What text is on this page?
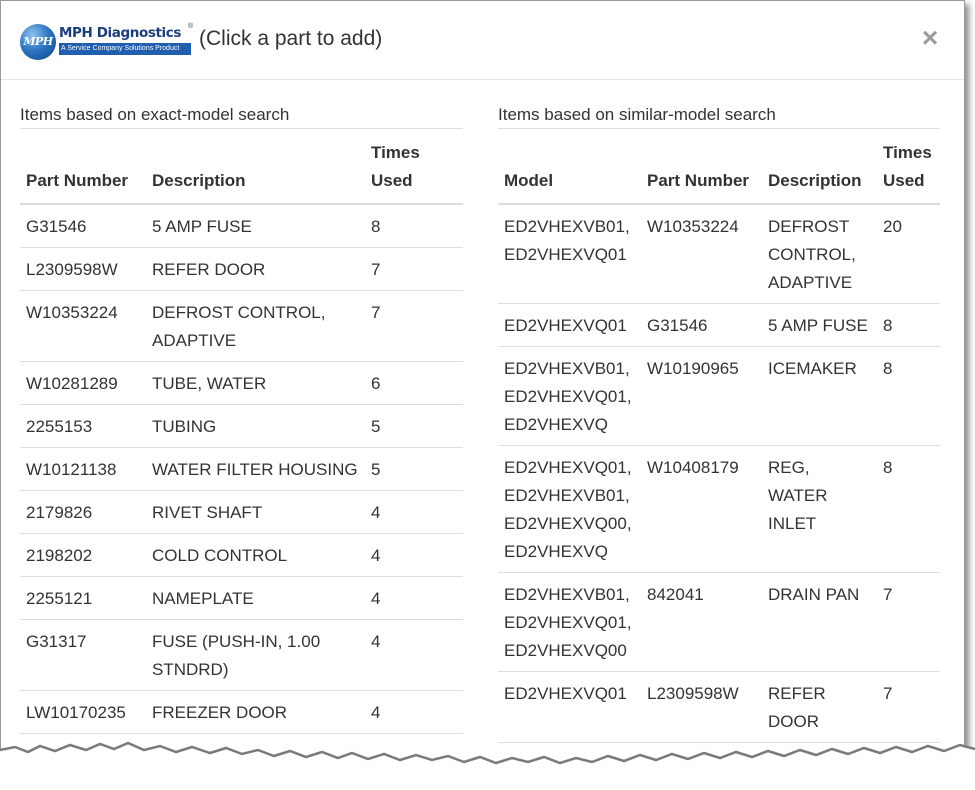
MPH
MPH Diagnostics ®
A Service Company Solutions Product (Click a part to add)	×
Items based on exact-model search
Part Number	Description	Times Used
G31546	5 AMP FUSE	8
L2309598W	REFER DOOR	7
W10353224	DEFROST CONTROL, ADAPTIVE	7
W10281289	TUBE, WATER	6
2255153	TUBING	5
W10121138	WATER FILTER HOUSING	5
2179826	RIVET SHAFT	4
2198202	COLD CONTROL	4
2255121	NAMEPLATE	4
G31317	FUSE (PUSH-IN, 1.00 STNDRD)	4
LW10170235	FREEZER DOOR	4
Items based on similar-model search
Model	Part Number	Description	Times Used
ED2VHEXVB01, ED2VHEXVQ01	W10353224	DEFROST CONTROL, ADAPTIVE	20
ED2VHEXVQ01	G31546	5 AMP FUSE	8
ED2VHEXVB01, ED2VHEXVQ01, ED2VHEXVQ	W10190965	ICEMAKER	8
ED2VHEXVQ01, ED2VHEXVB01, ED2VHEXVQ00, ED2VHEXVQ	W10408179	REG, WATER INLET	8
ED2VHEXVB01, ED2VHEXVQ01, ED2VHEXVQ00	842041	DRAIN PAN	7
ED2VHEXVQ01	L2309598W	REFER DOOR	7
